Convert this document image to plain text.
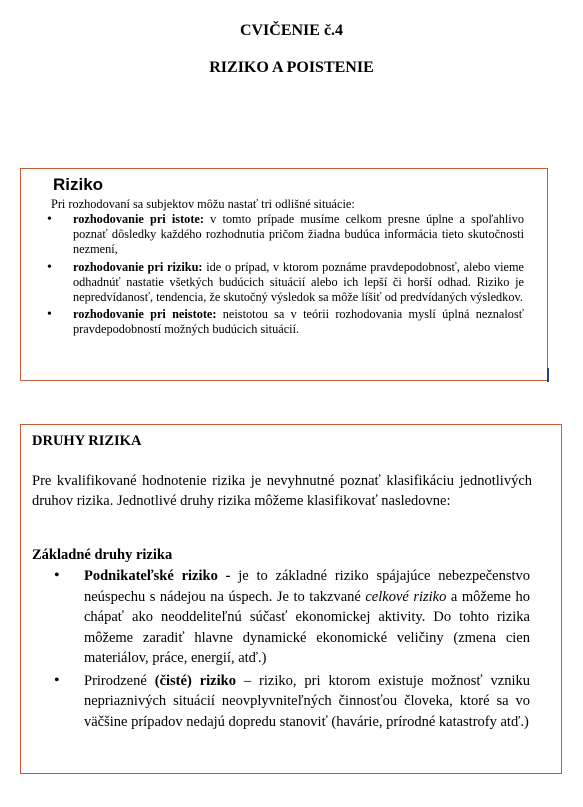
CVIČENIE č.4
RIZIKO A POISTENIE
Riziko
Pri rozhodovaní sa subjektov môžu nastať tri odlišné situácie:
• rozhodovanie pri istote: v tomto prípade musíme celkom presne úplne a spoľahlivo poznať dôsledky každého rozhodnutia pričom žiadna budúca informácia tieto skutočnosti nezmení,
• rozhodovanie pri riziku: ide o prípad, v ktorom poznáme pravdepodobnosť, alebo vieme odhadnúť nastatie všetkých budúcich situácií alebo ich lepší či horší odhad. Riziko je nepredvídanosť, tendencia, že skutočný výsledok sa môže líšiť od predvídaných výsledkov.
• rozhodovanie pri neistote: neistotou sa v teórii rozhodovania myslí úplná neznalosť pravdepodobností možných budúcich situácií.
DRUHY RIZIKA
Pre kvalifikované hodnotenie rizika je nevyhnutné poznať klasifikáciu jednotlivých druhov rizika. Jednotlivé druhy rizika môžeme klasifikovať nasledovne:
Základné druhy rizika
• Podnikateľské riziko - je to základné riziko spájajúce nebezpečenstvo neúspechu s nádejou na úspech. Je to takzvané celkové riziko a môžeme ho chápať ako neoddeliteľnú súčasť ekonomickej aktivity. Do tohto rizika môžeme zaradiť hlavne dynamické ekonomické veličiny (zmena cien materiálov, práce, energií, atď.)
• Prirodzené (čisté) riziko – riziko, pri ktorom existuje možnosť vzniku nepriaznivých situácií neovplyvniteľných činnosťou človeka, ktoré sa vo väčšine prípadov nedajú dopredu stanoviť (havárie, prírodné katastrofy atď.)
